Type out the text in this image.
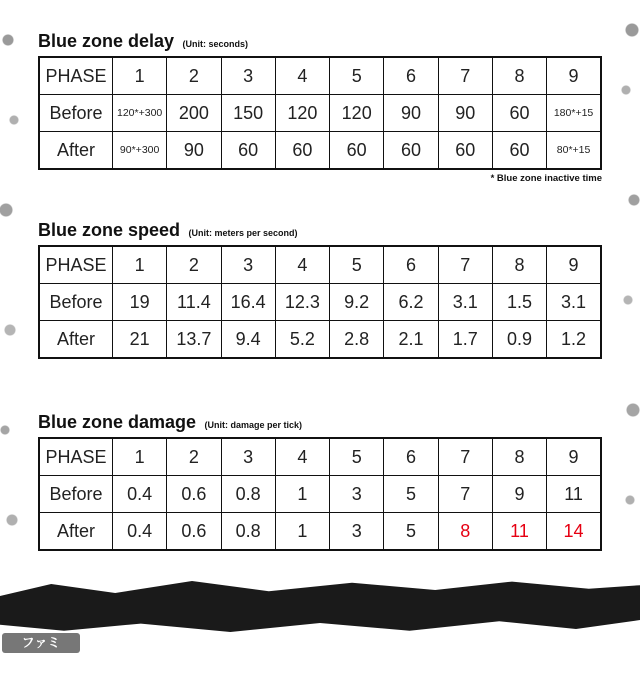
Blue zone delay (Unit: seconds)
PHASE	1	2	3	4	5	6	7	8	9
Before	120*+300	200	150	120	120	90	90	60	180*+15
After	90*+300	90	60	60	60	60	60	60	80*+15
* Blue zone inactive time
Blue zone speed (Unit: meters per second)
PHASE	1	2	3	4	5	6	7	8	9
Before	19	11.4	16.4	12.3	9.2	6.2	3.1	1.5	3.1
After	21	13.7	9.4	5.2	2.8	2.1	1.7	0.9	1.2
Blue zone damage (Unit: damage per tick)
PHASE	1	2	3	4	5	6	7	8	9
Before	0.4	0.6	0.8	1	3	5	7	9	11
After	0.4	0.6	0.8	1	3	5	8	11	14
ファミ通.com
